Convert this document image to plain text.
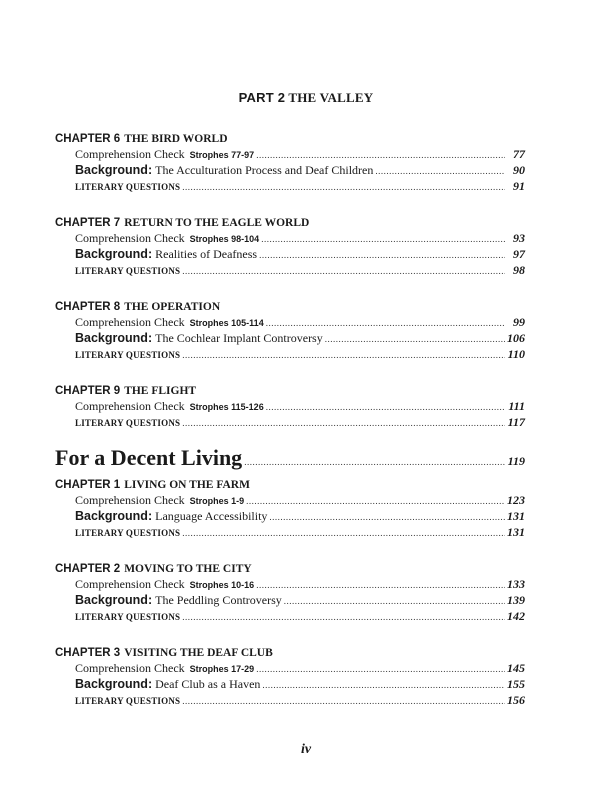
PART 2 THE VALLEY
CHAPTER 6 THE BIRD WORLD
Comprehension Check Strophes 77-97 .....	77
Background: The Acculturation Process and Deaf Children .....	90
LITERARY QUESTIONS .....	91
CHAPTER 7 RETURN TO THE EAGLE WORLD
Comprehension Check Strophes 98-104 .....	93
Background: Realities of Deafness .....	97
LITERARY QUESTIONS .....	98
CHAPTER 8 THE OPERATION
Comprehension Check Strophes 105-114 .....	99
Background: The Cochlear Implant Controversy .....	106
LITERARY QUESTIONS .....	110
CHAPTER 9 THE FLIGHT
Comprehension Check Strophes 115-126 .....	111
LITERARY QUESTIONS .....	117
For a Decent Living .....	119
CHAPTER 1 LIVING ON THE FARM
Comprehension Check Strophes 1-9 .....	123
Background: Language Accessibility .....	131
LITERARY QUESTIONS .....	131
CHAPTER 2 MOVING TO THE CITY
Comprehension Check Strophes 10-16 .....	133
Background: The Peddling Controversy .....	139
LITERARY QUESTIONS .....	142
CHAPTER 3 VISITING THE DEAF CLUB
Comprehension Check Strophes 17-29 .....	145
Background: Deaf Club as a Haven .....	155
LITERARY QUESTIONS .....	156
iv
